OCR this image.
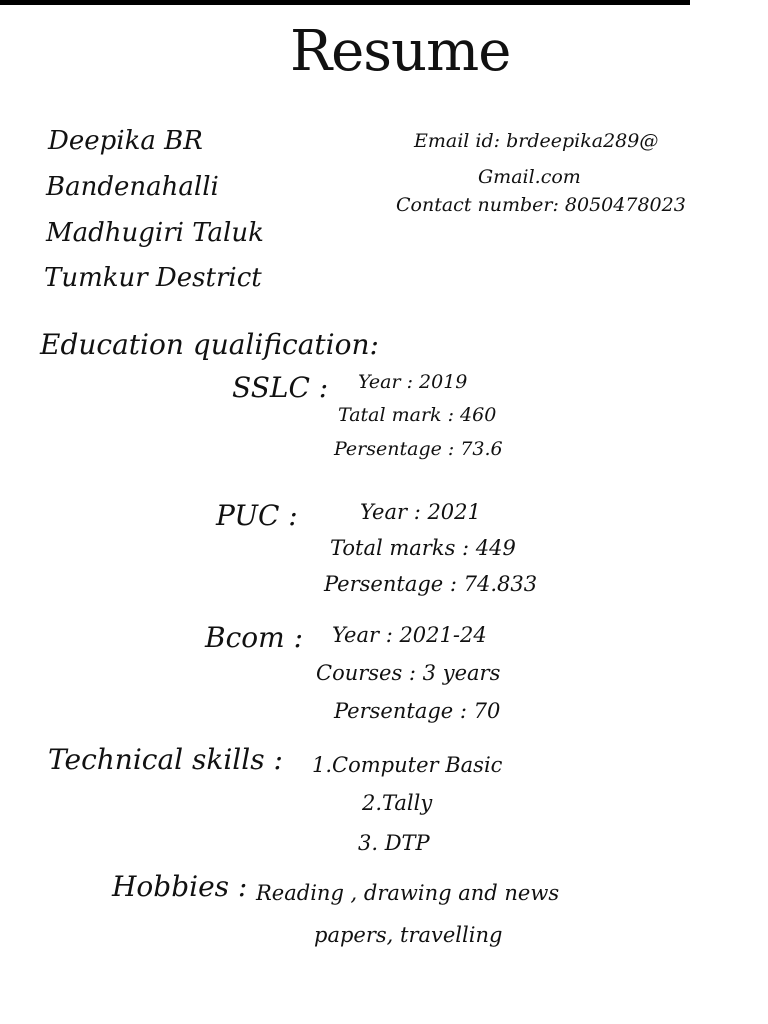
Resume
Deepika BR
Bandenahalli
Madhugiri Taluk
Tumkur Destrict
Email id: brdeepika289@
Gmail.com
Contact number: 8050478023
Education qualification:
SSLC : Year : 2019
Tatal mark : 460
Persentage : 73.6
PUC :	Year : 2021
Total marks : 449
Persentage : 74.833
Bcom : Year : 2021-24
Courses : 3 years
Persentage : 70
Technical skills : 1.Computer Basic
2.Tally
3. DTP
Hobbies : Reading , drawing and news
papers, travelling
